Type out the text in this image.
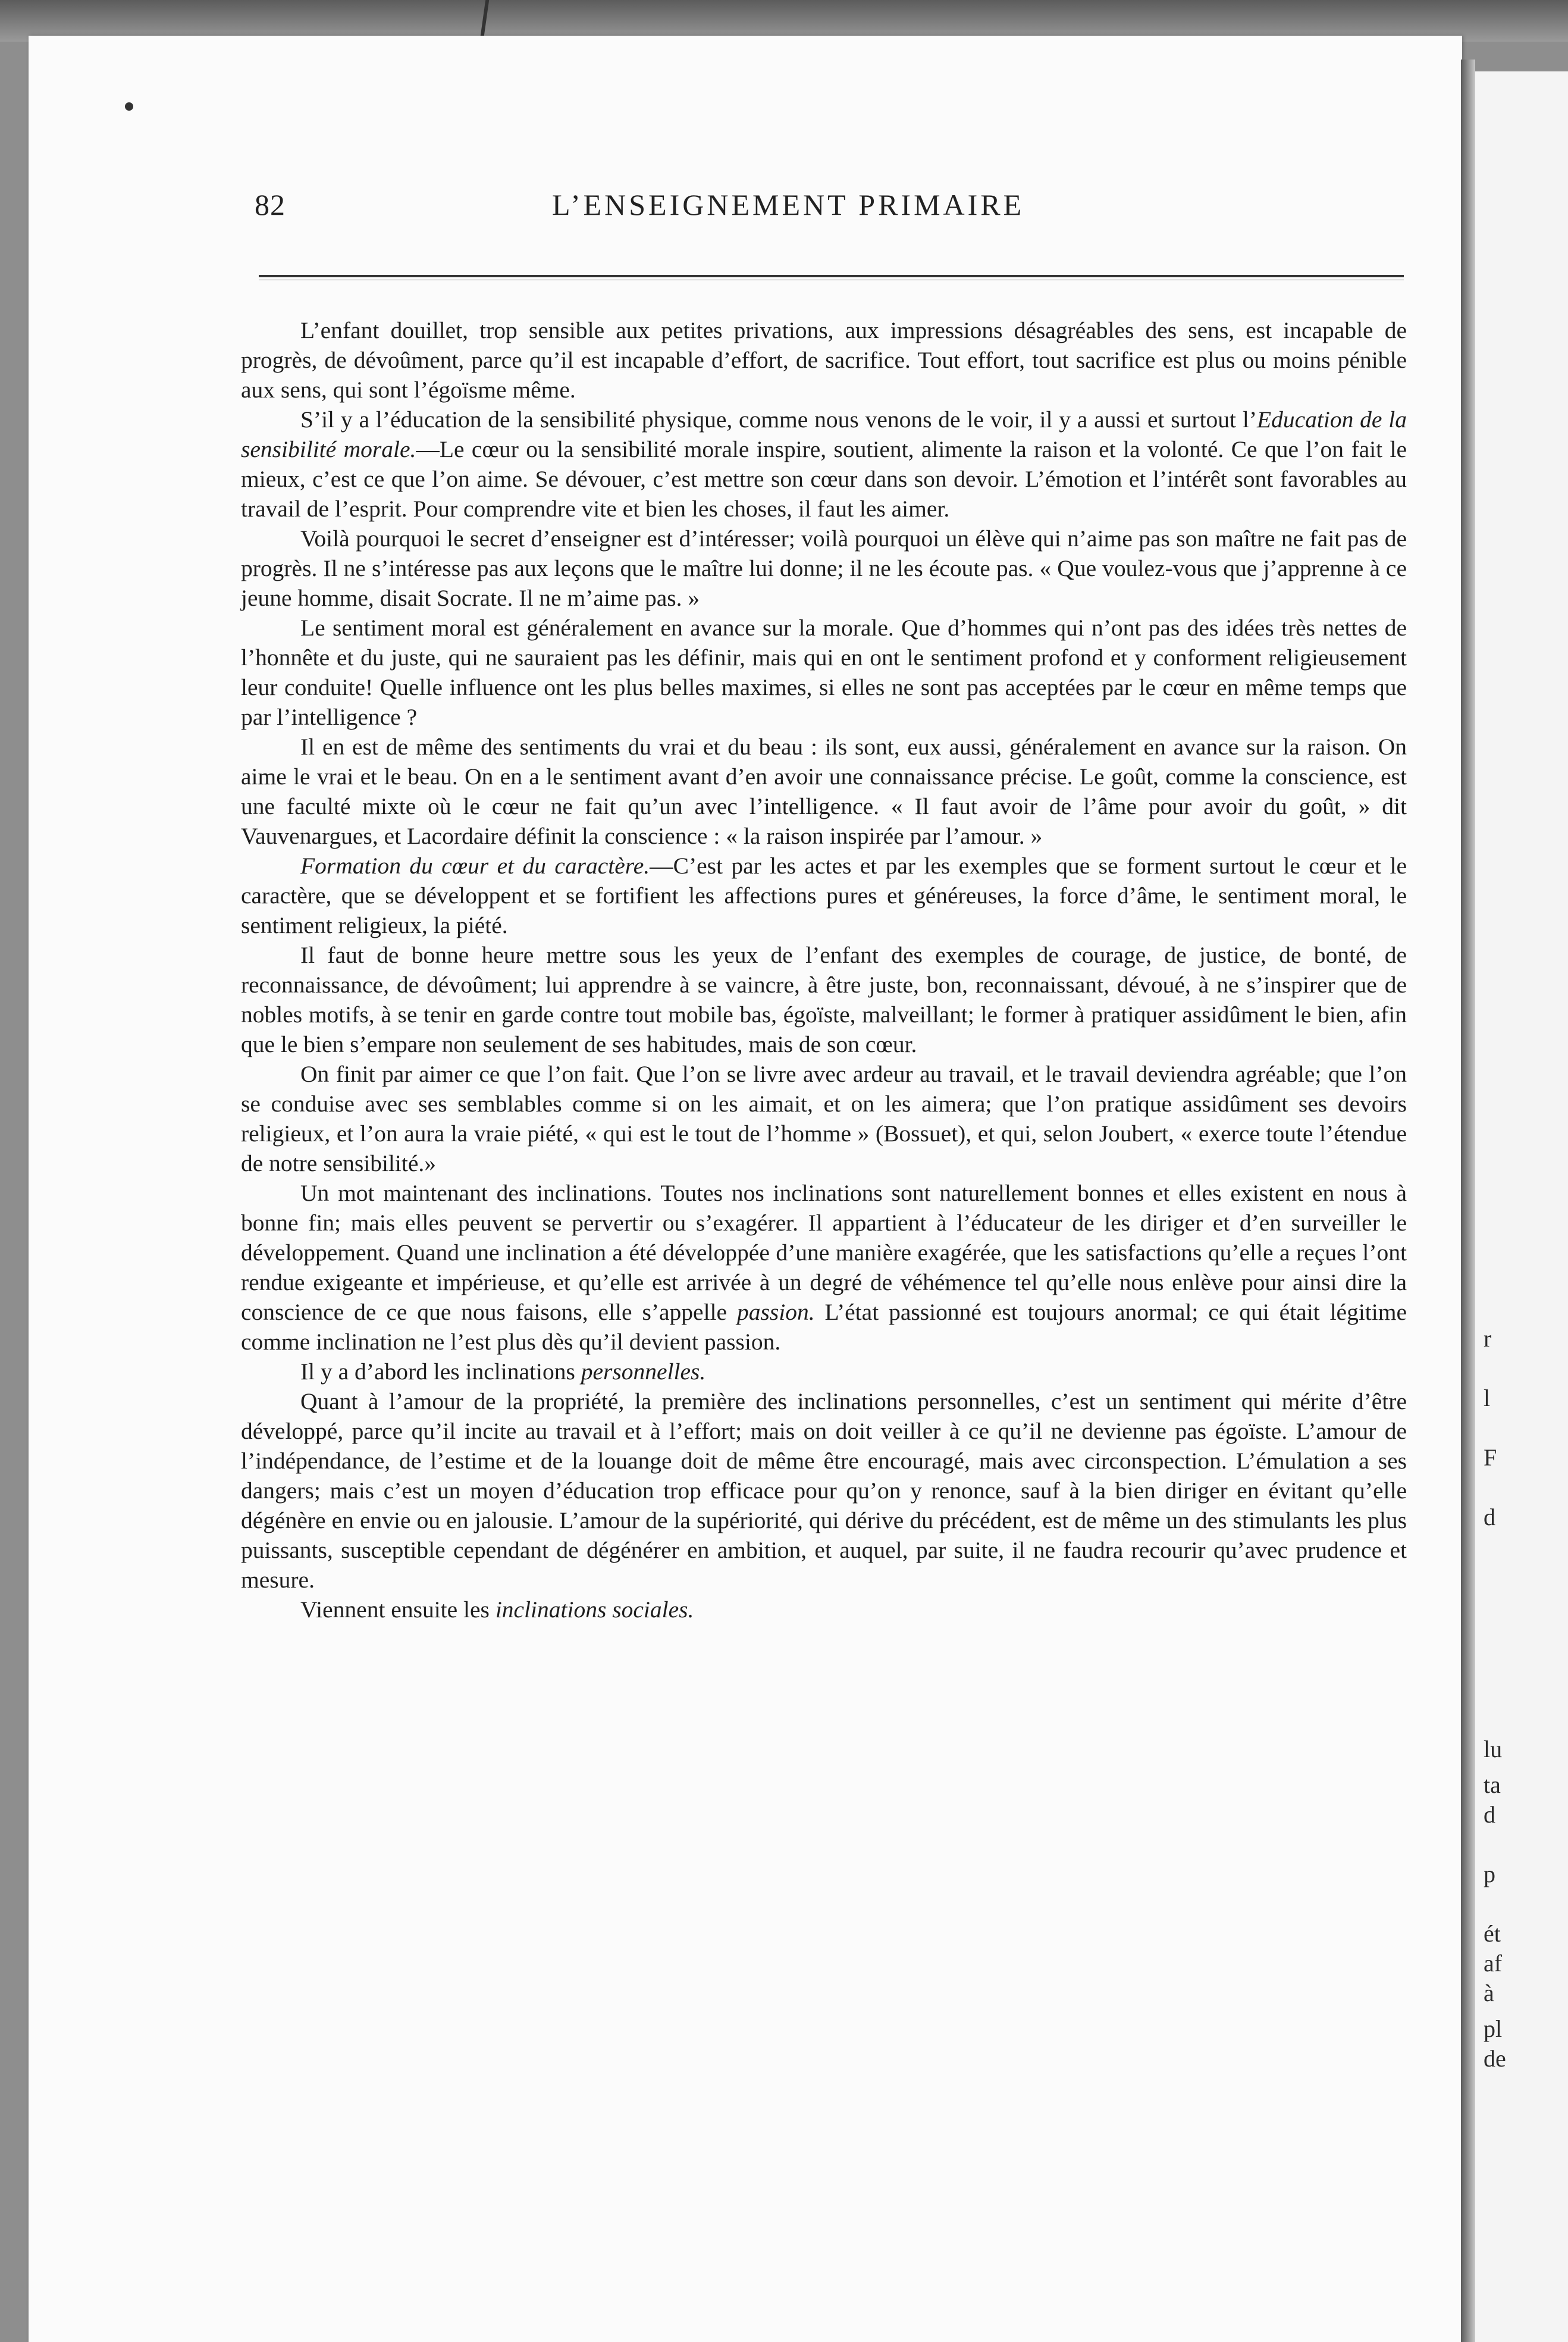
82	L’ENSEIGNEMENT PRIMAIRE

L’enfant douillet, trop sensible aux petites privations, aux impressions désagréables des sens, est incapable de progrès, de dévoûment, parce qu’il est incapable d’effort, de sacrifice. Tout effort, tout sacrifice est plus ou moins pénible aux sens, qui sont l’égoïsme même.

S’il y a l’éducation de la sensibilité physique, comme nous venons de le voir, il y a aussi et surtout l’Education de la sensibilité morale.—Le cœur ou la sensibilité morale inspire, soutient, alimente la raison et la volonté. Ce que l’on fait le mieux, c’est ce que l’on aime. Se dévouer, c’est mettre son cœur dans son devoir. L’émotion et l’intérêt sont favorables au travail de l’esprit. Pour comprendre vite et bien les choses, il faut les aimer.

Voilà pourquoi le secret d’enseigner est d’intéresser; voilà pourquoi un élève qui n’aime pas son maître ne fait pas de progrès. Il ne s’intéresse pas aux leçons que le maître lui donne; il ne les écoute pas. « Que voulez-vous que j’apprenne à ce jeune homme, disait Socrate. Il ne m’aime pas. »

Le sentiment moral est généralement en avance sur la morale. Que d’hommes qui n’ont pas des idées très nettes de l’honnête et du juste, qui ne sauraient pas les définir, mais qui en ont le sentiment profond et y conforment religieusement leur conduite! Quelle influence ont les plus belles maximes, si elles ne sont pas acceptées par le cœur en même temps que par l’intelligence ?

Il en est de même des sentiments du vrai et du beau : ils sont, eux aussi, généralement en avance sur la raison. On aime le vrai et le beau. On en a le sentiment avant d’en avoir une connaissance précise. Le goût, comme la conscience, est une faculté mixte où le cœur ne fait qu’un avec l’intelligence. « Il faut avoir de l’âme pour avoir du goût, » dit Vauvenargues, et Lacordaire définit la conscience : « la raison inspirée par l’amour. »

Formation du cœur et du caractère.—C’est par les actes et par les exemples que se forment surtout le cœur et le caractère, que se développent et se fortifient les affections pures et généreuses, la force d’âme, le sentiment moral, le sentiment religieux, la piété.

Il faut de bonne heure mettre sous les yeux de l’enfant des exemples de courage, de justice, de bonté, de reconnaissance, de dévoûment; lui apprendre à se vaincre, à être juste, bon, reconnaissant, dévoué, à ne s’inspirer que de nobles motifs, à se tenir en garde contre tout mobile bas, égoïste, malveillant; le former à pratiquer assidûment le bien, afin que le bien s’empare non seulement de ses habitudes, mais de son cœur.

On finit par aimer ce que l’on fait. Que l’on se livre avec ardeur au travail, et le travail deviendra agréable; que l’on se conduise avec ses semblables comme si on les aimait, et on les aimera; que l’on pratique assidûment ses devoirs religieux, et l’on aura la vraie piété, « qui est le tout de l’homme » (Bossuet), et qui, selon Joubert, « exerce toute l’étendue de notre sensibilité.»

Un mot maintenant des inclinations. Toutes nos inclinations sont naturellement bonnes et elles existent en nous à bonne fin; mais elles peuvent se pervertir ou s’exagérer. Il appartient à l’éducateur de les diriger et d’en surveiller le développement. Quand une inclination a été développée d’une manière exagérée, que les satisfactions qu’elle a reçues l’ont rendue exigeante et impérieuse, et qu’elle est arrivée à un degré de véhémence tel qu’elle nous enlève pour ainsi dire la conscience de ce que nous faisons, elle s’appelle passion. L’état passionné est toujours anormal; ce qui était légitime comme inclination ne l’est plus dès qu’il devient passion.

Il y a d’abord les inclinations personnelles.

Quant à l’amour de la propriété, la première des inclinations personnelles, c’est un sentiment qui mérite d’être développé, parce qu’il incite au travail et à l’effort; mais on doit veiller à ce qu’il ne devienne pas égoïste. L’amour de l’indépendance, de l’estime et de la louange doit de même être encouragé, mais avec circonspection. L’émulation a ses dangers; mais c’est un moyen d’éducation trop efficace pour qu’on y renonce, sauf à la bien diriger en évitant qu’elle dégénère en envie ou en jalousie. L’amour de la supériorité, qui dérive du précédent, est de même un des stimulants les plus puissants, susceptible cependant de dégénérer en ambition, et auquel, par suite, il ne faudra recourir qu’avec prudence et mesure.

Viennent ensuite les inclinations sociales.

r
l
F
d
lu
ta
d
p
ét
af
à
pl
de
